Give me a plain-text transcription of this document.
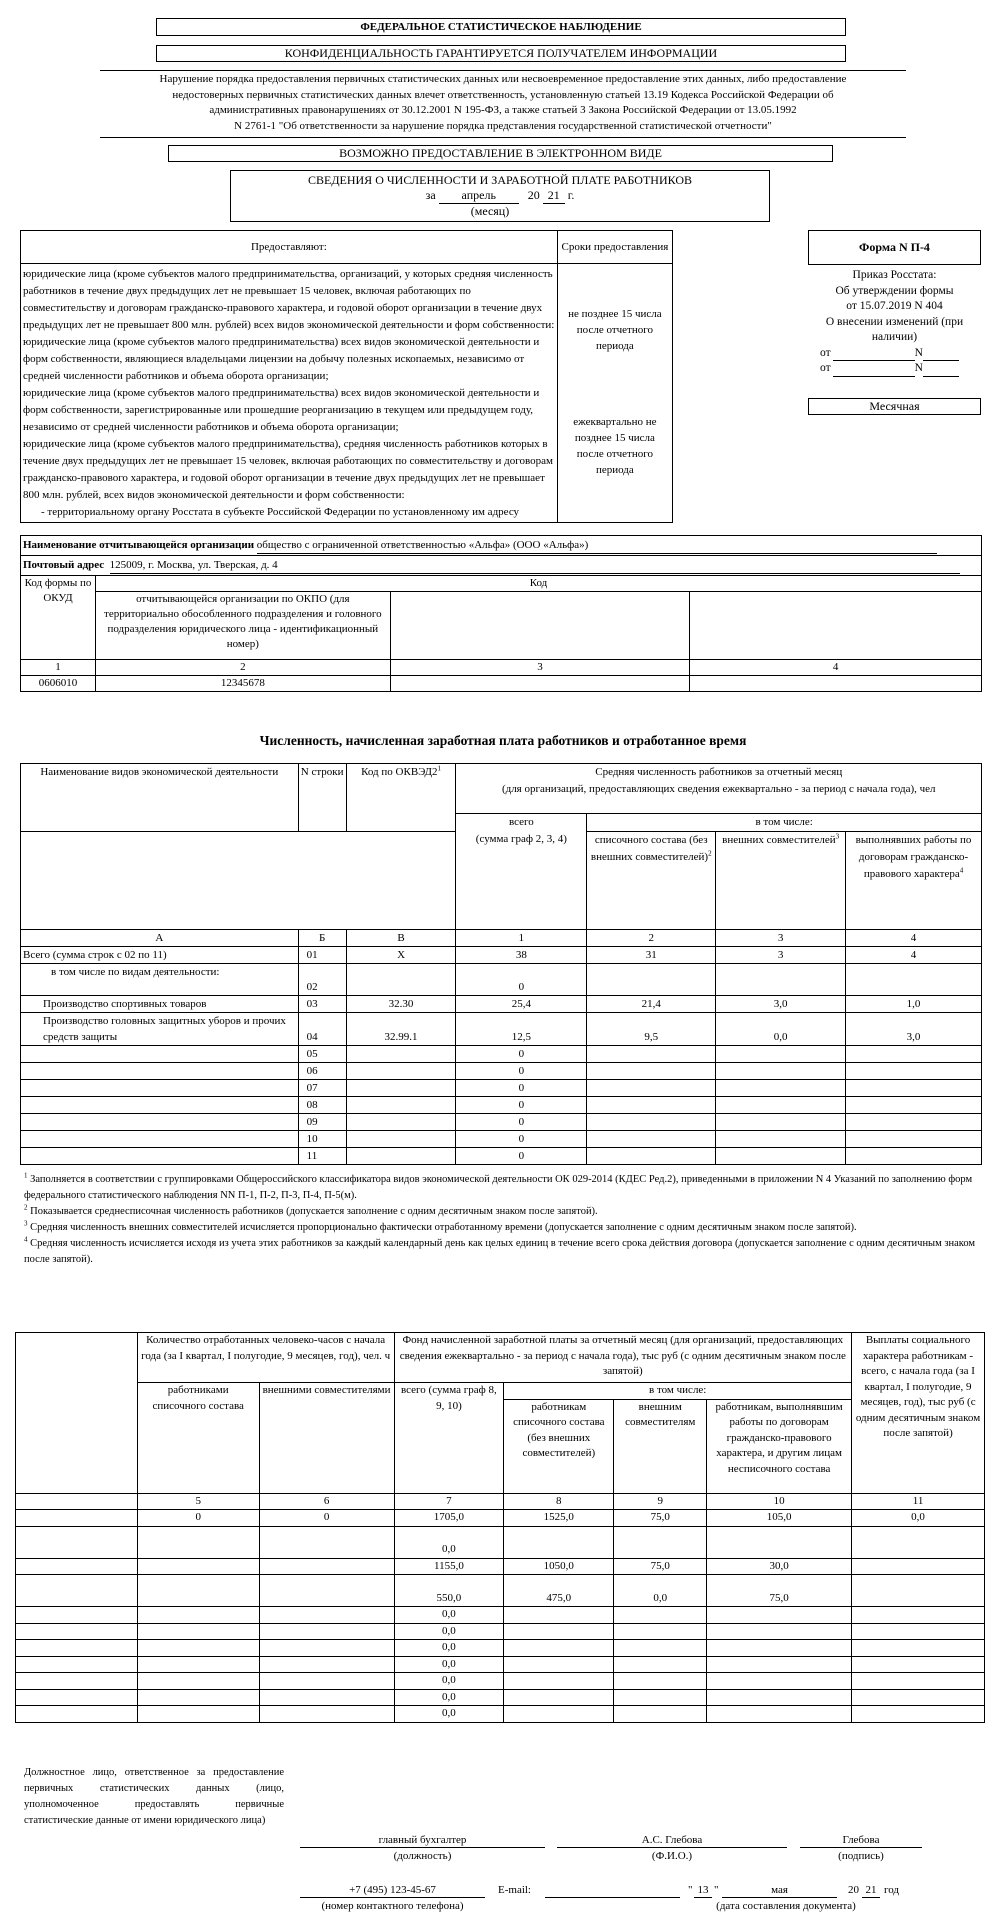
ФЕДЕРАЛЬНОЕ СТАТИСТИЧЕСКОЕ НАБЛЮДЕНИЕ
КОНФИДЕНЦИАЛЬНОСТЬ ГАРАНТИРУЕТСЯ ПОЛУЧАТЕЛЕМ ИНФОРМАЦИИ
Нарушение порядка предоставления первичных статистических данных или несвоевременное предоставление этих данных, либо предоставление
недостоверных первичных статистических данных влечет ответственность, установленную статьей 13.19 Кодекса Российской Федерации об
административных правонарушениях от 30.12.2001 N 195-ФЗ, а также статьей 3 Закона Российской Федерации от 13.05.1992
N 2761-1 "Об ответственности за нарушение порядка представления государственной статистической отчетности"
ВОЗМОЖНО ПРЕДОСТАВЛЕНИЕ В ЭЛЕКТРОННОМ ВИДЕ
СВЕДЕНИЯ О ЧИСЛЕННОСТИ И ЗАРАБОТНОЙ ПЛАТЕ РАБОТНИКОВ
за апрель	20 21 г.
(месяц)
Предоставляют:	Сроки предоставления

юридические лица (кроме субъектов малого предпринимательства, организаций, у которых средняя численность работников в течение двух предыдущих лет не превышает 15 человек, включая работающих по совместительству и договорам гражданско-правового характера, и годовой оборот организации в течение двух предыдущих лет не превышает 800 млн. рублей) всех видов экономической деятельности и форм собственности:
юридические лица (кроме субъектов малого предпринимательства) всех видов экономической деятельности и форм собственности, являющиеся владельцами лицензии на добычу полезных ископаемых, независимо от средней численности работников и объема оборота организации;
юридические лица (кроме субъектов малого предпринимательства) всех видов экономической деятельности и форм собственности, зарегистрированные или прошедшие реорганизацию в текущем или предыдущем году, независимо от средней численности работников и объема оборота организации;
юридические лица (кроме субъектов малого предпринимательства), средняя численность работников которых в течение двух предыдущих лет не превышает 15 человек, включая работающих по совместительству и договорам гражданско-правового характера, и годовой оборот организации в течение двух предыдущих лет не превышает 800 млн. рублей, всех видов экономической деятельности и форм собственности:
- территориальному органу Росстата в субъекте Российской Федерации по установленному им адресу

не позднее 15 числа после отчетного периода
ежеквартально не позднее 15 числа после отчетного периода
Форма N П-4
Приказ Росстата:
Об утверждении формы
от 15.07.2019 N 404
О внесении изменений (при наличии)
от	N
от	N
Месячная
Наименование отчитывающейся организации общество с ограниченной ответственностью «Альфа» (ООО «Альфа»)			
Почтовый адрес 125009, г. Москва, ул. Тверская, д. 4			
Код формы по ОКУД	Код		
	отчитывающейся организации по ОКПО (для территориально обособленного подразделения и головного подразделения юридического лица - идентификационный номер)		
1	2	3	4
0606010	12345678		
Численность, начисленная заработная плата работников и отработанное время
Наименование видов экономической деятельности	N строки	Код по $ОКВЭД2^1$	Средняя численность работников за отчетный месяц
(для организаций, предоставляющих сведения ежеквартально - за период с начала года), чел			

			всего
(сумма граф 2, 3, 4)	в том числе:		
				списочного состава (без внешних совместителей)$^2$	внешних совместителей$^3$	выполнявших работы по договорам гражданско-правового характера$^4$
А	Б	В	1	2	3	4
Всего (сумма строк с 02 по 11)	01	X	38	31	3	4
в том числе по видам деятельности:	02		0			
Производство спортивных товаров	03	32.30	25,4	21,4	3,0	1,0
Производство головных защитных уборов и прочих средств защиты	04	32.99.1	12,5	9,5	0,0	3,0
	05		0			
	06		0			
	07		0			
	08		0			
	09		0			
	10		0			
	11		0			

$^1$ Заполняется в соответствии с группировками Общероссийского классификатора видов экономической деятельности ОК 029-2014 (КДЕС Ред.2), приведенными в приложении N 4 Указаний по заполнению форм федерального статистического наблюдения NN П-1, П-2, П-3, П-4, П-5(м).

$^2$ Показывается среднесписочная численность работников (допускается заполнение с одним десятичным знаком после запятой).

$^3$ Средняя численность внешних совместителей исчисляется пропорционально фактически отработанному времени (допускается заполнение с одним десятичным знаком после запятой).

$^4$ Средняя численность исчисляется исходя из учета этих работников за каждый календарный день как целых единиц в течение всего срока действия договора (допускается заполнение с одним десятичным знаком после запятой).

	Количество отработанных человеко-часов с начала года (за I квартал, I полугодие, 9 месяцев, год), чел. ч		Фонд начисленной заработной платы за отчетный месяц (для организаций, предоставляющих сведения ежеквартально - за период с начала года), тыс руб (с одним десятичным знаком после запятой)				Выплаты социального характера работникам - всего, с начала года (за I квартал, I полугодие, 9 месяцев, год), тыс руб (с одним десятичным знаком после запятой)
	работниками списочного состава	внешними совместителями	всего (сумма граф 8, 9, 10)	в том числе:			
				работникам списочного состава (без внешних совместителей)	внешним совместителям	работникам, выполнявшим работы по договорам гражданско-правового характера, и другим лицам несписочного состава	
	5	6	7	8	9	10	11
	0	0	1705,0	1525,0	75,0	105,0	0,0
			0,0				
			1155,0	1050,0	75,0	30,0	
			550,0	475,0	0,0	75,0	
			0,0				
			0,0				
			0,0				
			0,0				
			0,0				
			0,0				
			0,0				
Должностное лицо, ответственное за предоставление первичных статистических данных (лицо, уполномоченное предоставлять первичные статистические данные от имени юридического лица)
главный бухгалтер
(должность)
А.С. Глебова
(Ф.И.О.)
Глебова
(подпись)
+7 (495) 123-45-67
(номер контактного телефона)
E-mail:	" 13 "	мая	20 21 год
(дата составления документа)
